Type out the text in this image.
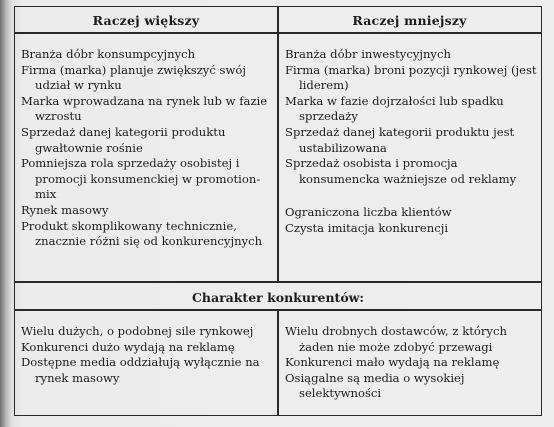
Raczej większy	Raczej mniejszy

Branża dóbr konsumpcyjnych

Firma (marka) planuje zwiększyć swój udział w rynku

Marka wprowadzana na rynek lub w fazie wzrostu

Sprzedaż danej kategorii produktu gwałtownie rośnie

Pomniejsza rola sprzedaży osobistej i promocji konsumenckiej w promotion-mix

Rynek masowy

Produkt skomplikowany technicznie, znacznie różni się od konkurencyjnych

Branża dóbr inwestycyjnych

Firma (marka) broni pozycji rynkowej (jest liderem)

Marka w fazie dojrzałości lub spadku sprzedaży

Sprzedaż danej kategorii produktu jest ustabilizowana

Sprzedaż osobista i promocja konsumencka ważniejsze od reklamy

Ograniczona liczba klientów

Czysta imitacja konkurencji

Charakter konkurentów:

Wielu dużych, o podobnej sile rynkowej

Konkurenci dużo wydają na reklamę

Dostępne media oddziałują wyłącznie na rynek masowy

Wielu drobnych dostawców, z których żaden nie może zdobyć przewagi

Konkurenci mało wydają na reklamę

Osiągalne są media o wysokiej selektywności
